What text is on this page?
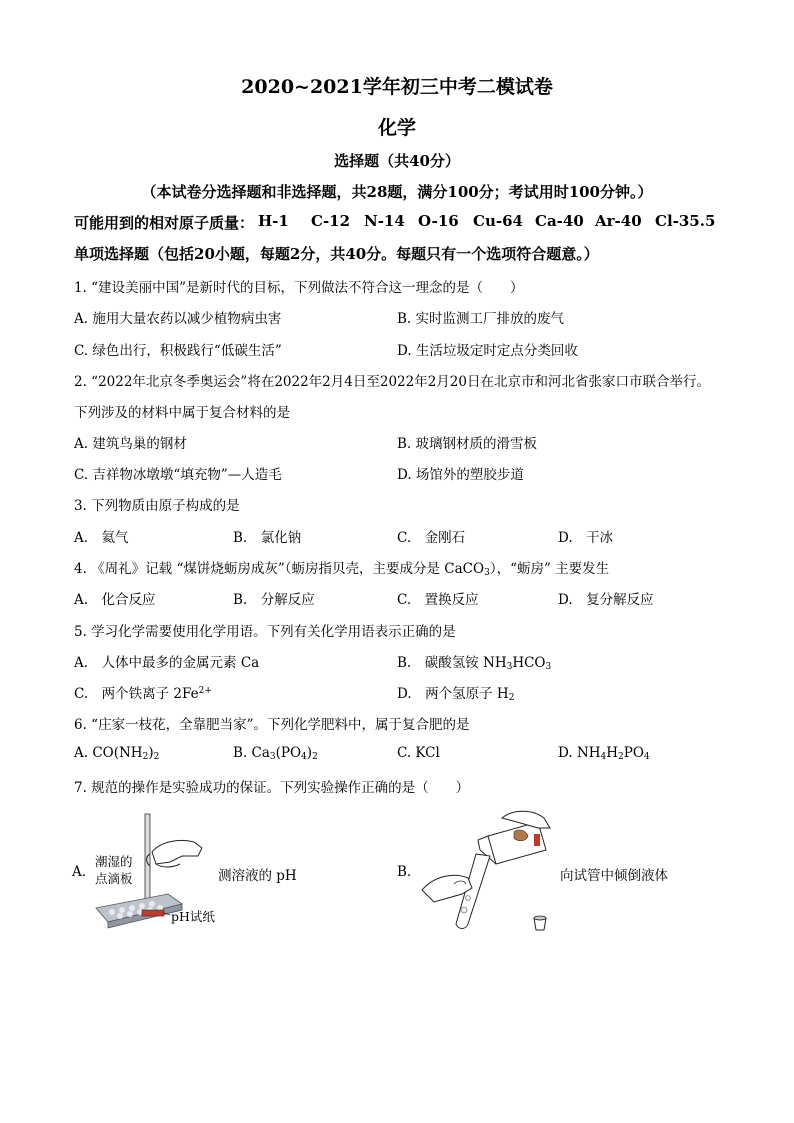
2020~2021学年初三中考二模试卷
化学
选择题（共40分）
（本试卷分选择题和非选择题，共28题，满分100分；考试用时100分钟。）
可能用到的相对原子质量： H-1 C-12 N-14 O-16 Cu-64 Ca-40 Ar-40 Cl-35.5
单项选择题（包括20小题，每题2分，共40分。每题只有一个选项符合题意。）
1. “建设美丽中国”是新时代的目标，下列做法不符合这一理念的是（　　）
A. 施用大量农药以减少植物病虫害	B. 实时监测工厂排放的废气
C. 绿色出行，积极践行“低碳生活”	D. 生活垃圾定时定点分类回收
2. “2022年北京冬季奥运会”将在2022年2月4日至2022年2月20日在北京市和河北省张家口市联合举行。
下列涉及的材料中属于复合材料的是
A. 建筑鸟巢的钢材	B. 玻璃钢材质的滑雪板
C. 吉祥物冰墩墩“填充物”—人造毛	D. 场馆外的塑胶步道
3. 下列物质由原子构成的是
A.　氦气	B.　氯化钠	C.　金刚石	D.　干冰
4. 《周礼》记载 “煤饼烧蛎房成灰”（蛎房指贝壳，主要成分是 CaCO$_3$），“蛎房” 主要发生
A.　化合反应	B.　分解反应	C.　置换反应	D.　复分解反应
5. 学习化学需要使用化学用语。下列有关化学用语表示正确的是
A.　人体中最多的金属元素 Ca	B.　碳酸氢铵 $NH_3HCO_3$
C.　两个铁离子 $2Fe^{2+}$	D.　两个氢原子 $H_2$
6. “庄家一枝花，全靠肥当家”。下列化学肥料中，属于复合肥的是
A. $CO(NH_2)_2$	B. $Ca_3(PO_4)_2$	C. KCl	D. $NH_4H_2PO_4$
7. 规范的操作是实验成功的保证。下列实验操作正确的是（　　）
A.
潮湿的
点滴板
pH试纸
测溶液的 pH	B.	向试管中倾倒液体
